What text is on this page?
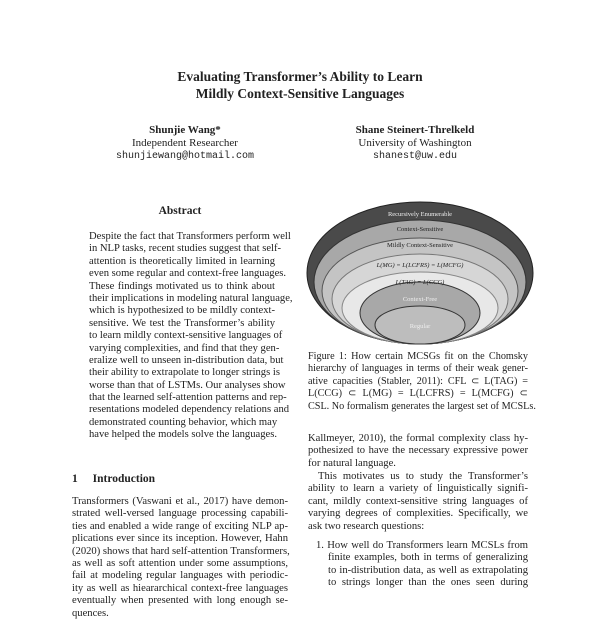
Evaluating Transformer’s Ability to Learn
Mildly Context-Sensitive Languages
Shunjie Wang*
Independent Researcher
shunjiewang@hotmail.com
Shane Steinert-Threlkeld
University of Washington
shanest@uw.edu
Abstract
Despite the fact that Transformers perform well
in NLP tasks, recent studies suggest that self-
attention is theoretically limited in learning
even some regular and context-free languages.
These findings motivated us to think about
their implications in modeling natural language,
which is hypothesized to be mildly context-
sensitive. We test the Transformer’s ability
to learn mildly context-sensitive languages of
varying complexities, and find that they gen-
eralize well to unseen in-distribution data, but
their ability to extrapolate to longer strings is
worse than that of LSTMs. Our analyses show
that the learned self-attention patterns and rep-
resentations modeled dependency relations and
demonstrated counting behavior, which may
have helped the models solve the languages.
1 Introduction
Transformers (Vaswani et al., 2017) have demon-
strated well-versed language processing capabili-
ties and enabled a wide range of exciting NLP ap-
plications ever since its inception. However, Hahn
(2020) shows that hard self-attention Transformers,
as well as soft attention under some assumptions,
fail at modeling regular languages with periodic-
ity as well as hieararchical context-free languages
eventually when presented with long enough se-
quences.
Recursively Enumerable
Context-Sensitive
Mildly Context-Sensitive
L(MG) = L(LCFRS) = L(MCFG)
L(TAG) = L(CCG)
Context-Free
Regular
Figure 1: How certain MCSGs fit on the Chomsky
hierarchy of languages in terms of their weak gener-
ative capacities (Stabler, 2011): CFL ⊂ L(TAG) =
L(CCG) ⊂ L(MG) = L(LCFRS) = L(MCFG) ⊂
CSL. No formalism generates the largest set of MCSLs.
Kallmeyer, 2010), the formal complexity class hy-
pothesized to have the necessary expressive power
for natural language.
This motivates us to study the Transformer’s
ability to learn a variety of linguistically signifi-
cant, mildly context-sensitive string languages of
varying degrees of complexities. Specifically, we
ask two research questions:
1. How well do Transformers learn MCSLs from
finite examples, both in terms of generalizing
to in-distribution data, as well as extrapolating
to strings longer than the ones seen during
